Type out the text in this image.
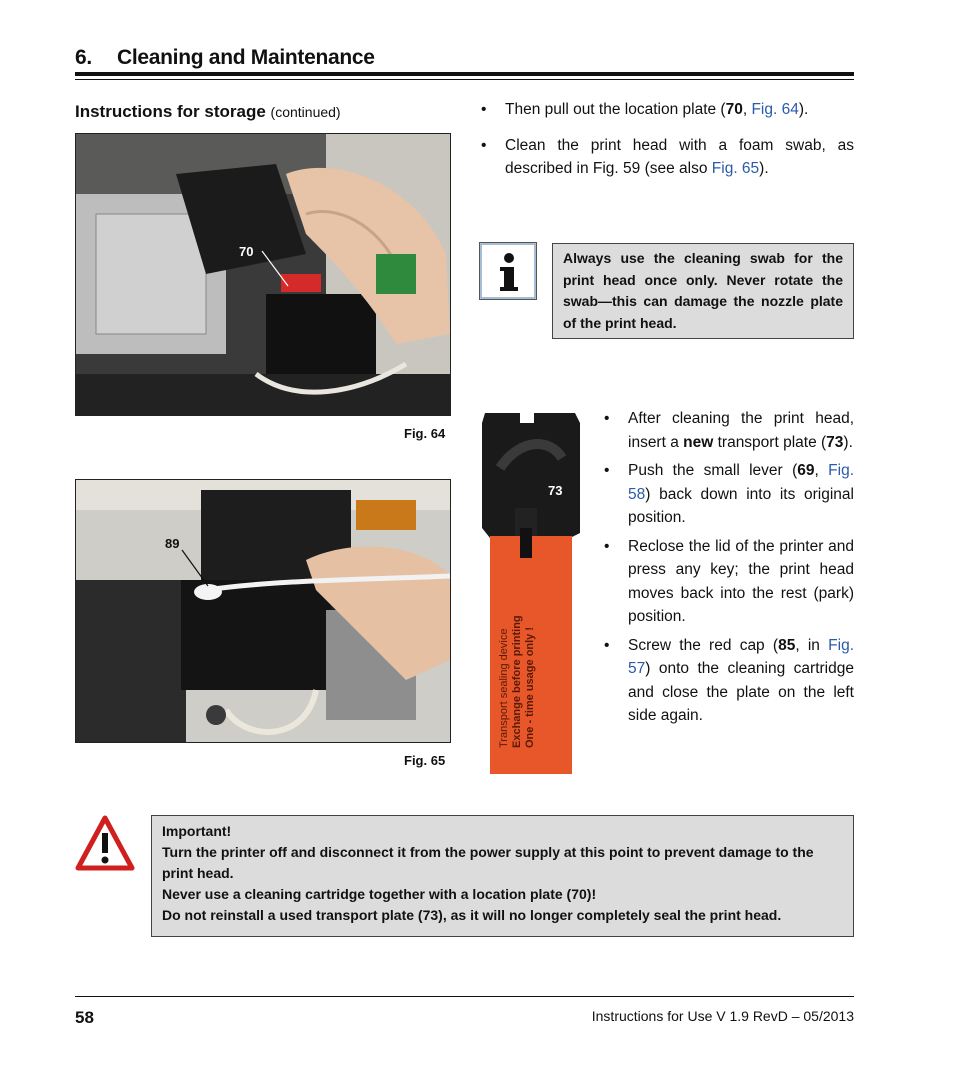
6. Cleaning and Maintenance
Instructions for storage (continued)
70
Fig. 64
89
Fig. 65
• Then pull out the location plate (70, Fig. 64).
• Clean the print head with a foam swab, as described in Fig. 59 (see also Fig. 65).
Always use the cleaning swab for the print head once only. Never rotate the swab—this can damage the nozzle plate of the print head.
73
Transport sealing device Exchange before printing One - time usage only !
• After cleaning the print head, insert a new transport plate (73).
• Push the small lever (69, Fig. 58) back down into its original position.
• Reclose the lid of the printer and press any key; the print head moves back into the rest (park) position.
• Screw the red cap (85, in Fig. 57) onto the cleaning cartridge and close the plate on the left side again.
Important!
Turn the printer off and disconnect it from the power supply at this point to prevent damage to the print head.
Never use a cleaning cartridge together with a location plate (70)!
Do not reinstall a used transport plate (73), as it will no longer completely seal the print head.
58	Instructions for Use V 1.9 RevD – 05/2013
